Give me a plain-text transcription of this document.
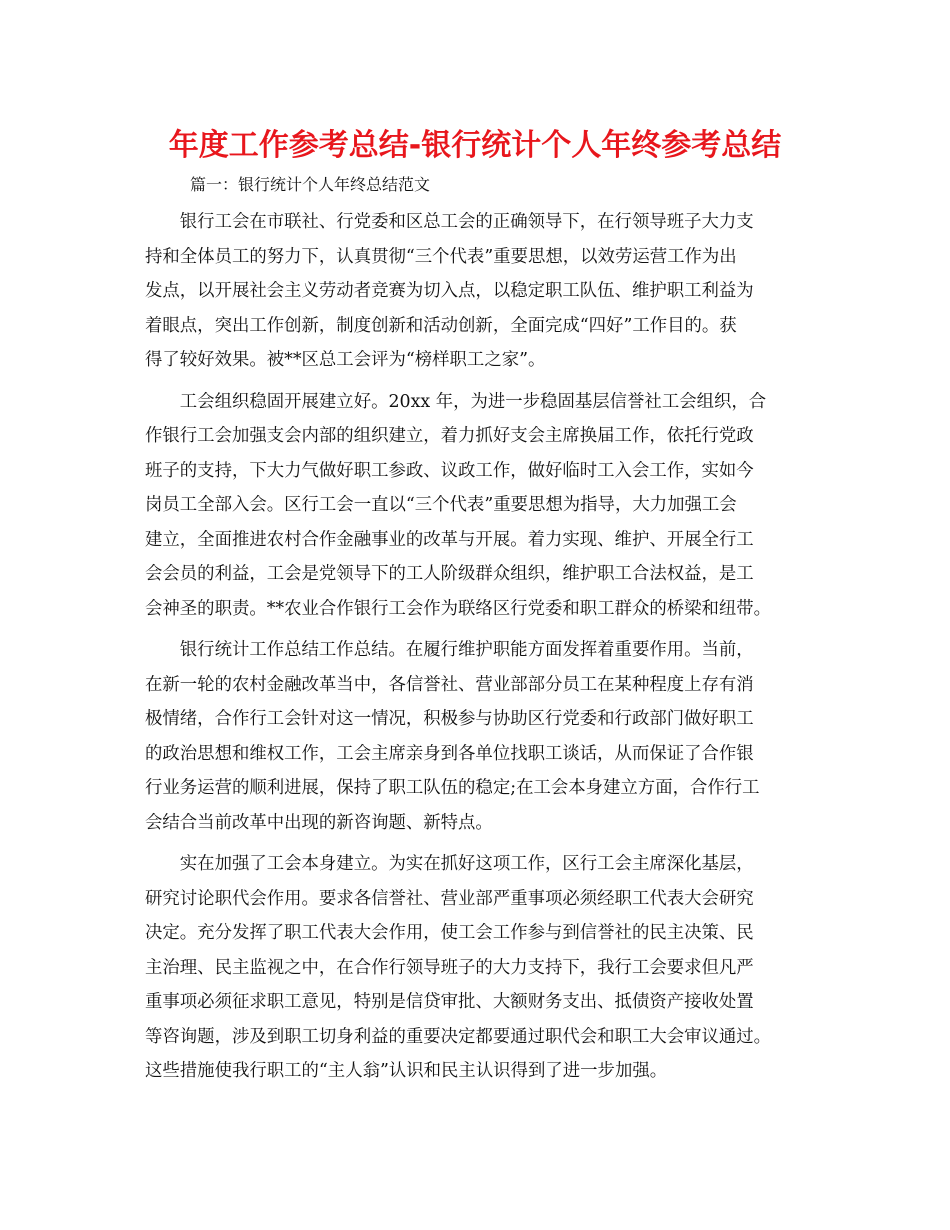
年度工作参考总结-银行统计个人年终参考总结

篇一：银行统计个人年终总结范文

　　银行工会在市联社、行党委和区总工会的正确领导下，在行领导班子大力支
持和全体员工的努力下，认真贯彻“三个代表”重要思想，以效劳运营工作为出
发点，以开展社会主义劳动者竞赛为切入点，以稳定职工队伍、维护职工利益为
着眼点，突出工作创新，制度创新和活动创新，全面完成“四好”工作目的。获
得了较好效果。被**区总工会评为“榜样职工之家”。

　　工会组织稳固开展建立好。20xx 年，为进一步稳固基层信誉社工会组织，合
作银行工会加强支会内部的组织建立，着力抓好支会主席换届工作，依托行党政
班子的支持，下大力气做好职工参政、议政工作，做好临时工入会工作，实如今
岗员工全部入会。区行工会一直以“三个代表”重要思想为指导，大力加强工会
建立，全面推进农村合作金融事业的改革与开展。着力实现、维护、开展全行工
会会员的利益，工会是党领导下的工人阶级群众组织，维护职工合法权益，是工
会神圣的职责。**农业合作银行工会作为联络区行党委和职工群众的桥梁和纽带。

　　银行统计工作总结工作总结。在履行维护职能方面发挥着重要作用。当前，
在新一轮的农村金融改革当中，各信誉社、营业部部分员工在某种程度上存有消
极情绪，合作行工会针对这一情况，积极参与协助区行党委和行政部门做好职工
的政治思想和维权工作，工会主席亲身到各单位找职工谈话，从而保证了合作银
行业务运营的顺利进展，保持了职工队伍的稳定;在工会本身建立方面，合作行工
会结合当前改革中出现的新咨询题、新特点。

　　实在加强了工会本身建立。为实在抓好这项工作，区行工会主席深化基层，
研究讨论职代会作用。要求各信誉社、营业部严重事项必须经职工代表大会研究
决定。充分发挥了职工代表大会作用，使工会工作参与到信誉社的民主决策、民
主治理、民主监视之中，在合作行领导班子的大力支持下，我行工会要求但凡严
重事项必须征求职工意见，特别是信贷审批、大额财务支出、抵债资产接收处置
等咨询题，涉及到职工切身利益的重要决定都要通过职代会和职工大会审议通过。
这些措施使我行职工的“主人翁”认识和民主认识得到了进一步加强。
